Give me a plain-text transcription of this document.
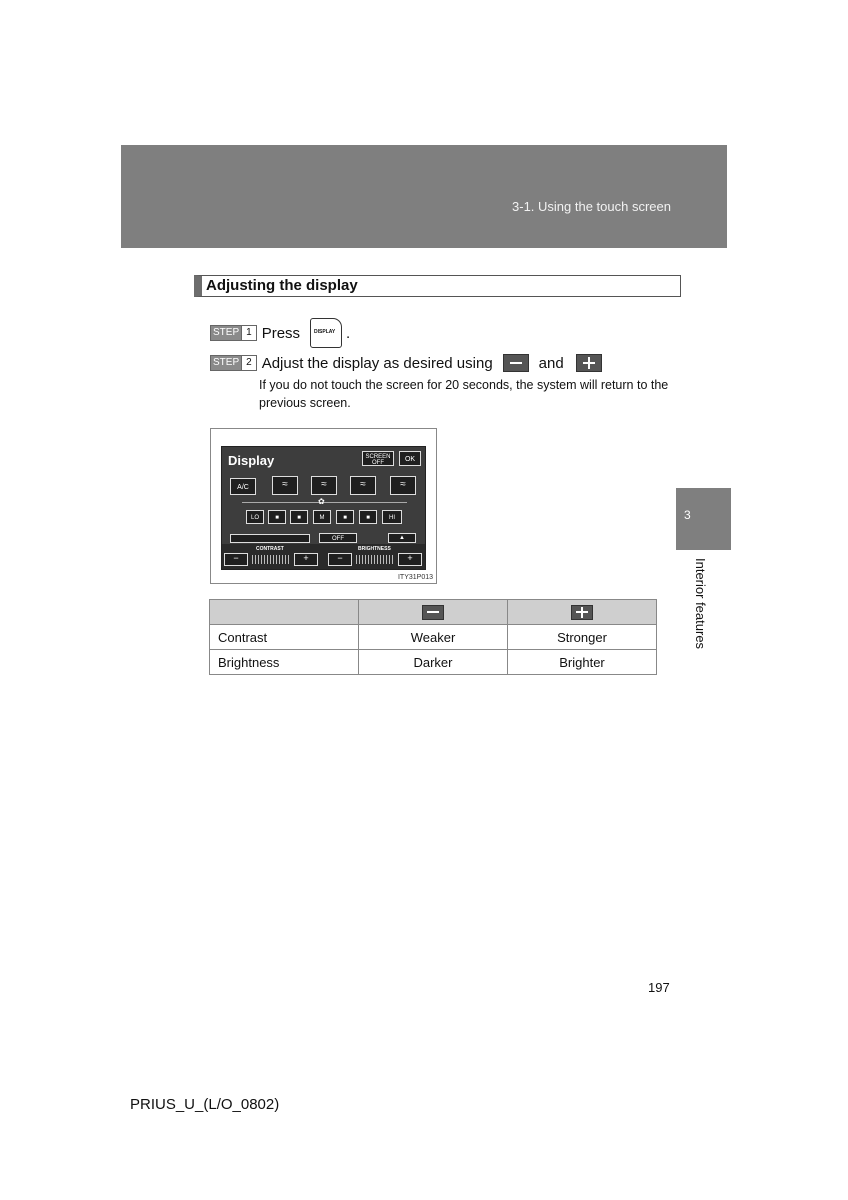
3-1. Using the touch screen
3
Interior features
Adjusting the display
STEP 1 Press	DISPLAY .
STEP 2 Adjust the display as desired using	and
If you do not touch the screen for 20 seconds, the system will return to the previous screen.
Display	SCREEN OFF	OK
A/C	≈	≈	≈	≈
✿
LO	■	■	M	■	■	HI
OFF	▲
CONTRAST	BRIGHTNESS
−	+	−	+
ITY31P013

Contrast	Weaker	Stronger
Brightness	Darker	Brighter
197
PRIUS_U_(L/O_0802)
